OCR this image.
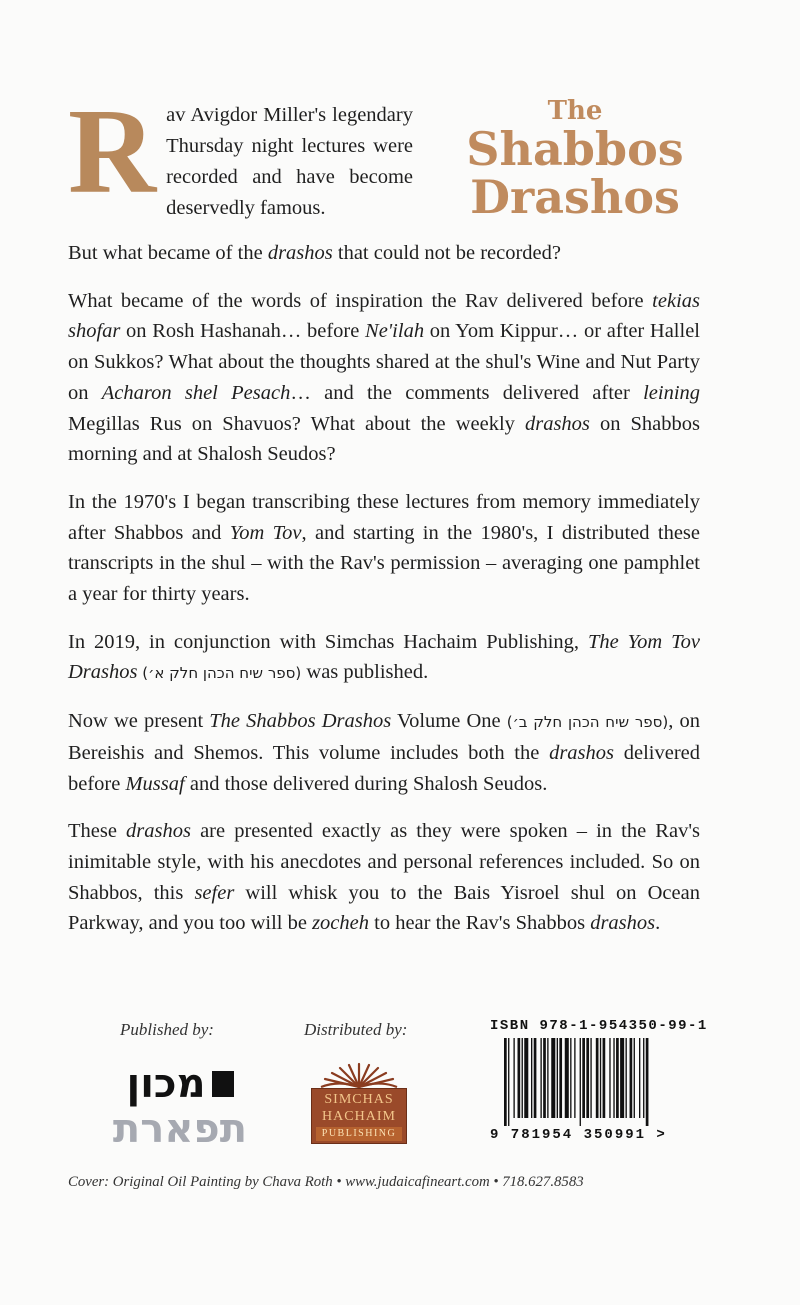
R av Avigdor Miller's legendary Thursday night lectures were recorded and have become deservedly famous.

The
Shabbos
Drashos

But what became of the drashos that could not be recorded?

What became of the words of inspiration the Rav delivered before tekias shofar on Rosh Hashanah… before Ne'ilah on Yom Kippur… or after Hallel on Sukkos? What about the thoughts shared at the shul's Wine and Nut Party on Acharon shel Pesach… and the comments delivered after leining Megillas Rus on Shavuos? What about the weekly drashos on Shabbos morning and at Shalosh Seudos?

In the 1970's I began transcribing these lectures from memory immediately after Shabbos and Yom Tov, and starting in the 1980's, I distributed these transcripts in the shul – with the Rav's permission – averaging one pamphlet a year for thirty years.

In 2019, in conjunction with Simchas Hachaim Publishing, The Yom Tov Drashos (ספר שיח הכהן חלק א׳) was published.

Now we present The Shabbos Drashos Volume One (ספר שיח הכהן חלק ב׳), on Bereishis and Shemos. This volume includes both the drashos delivered before Mussaf and those delivered during Shalosh Seudos.

These drashos are presented exactly as they were spoken – in the Rav's inimitable style, with his anecdotes and personal references included. So on Shabbos, this sefer will whisk you to the Bais Yisroel shul on Ocean Parkway, and you too will be zocheh to hear the Rav's Shabbos drashos.

Published by:	Distributed by:
מכון
תפארת
SIMCHAS
HACHAIM
PUBLISHING
ISBN 978-1-954350-99-1
9 781954 350991 >
Cover: Original Oil Painting by Chava Roth • www.judaicafineart.com • 718.627.8583
